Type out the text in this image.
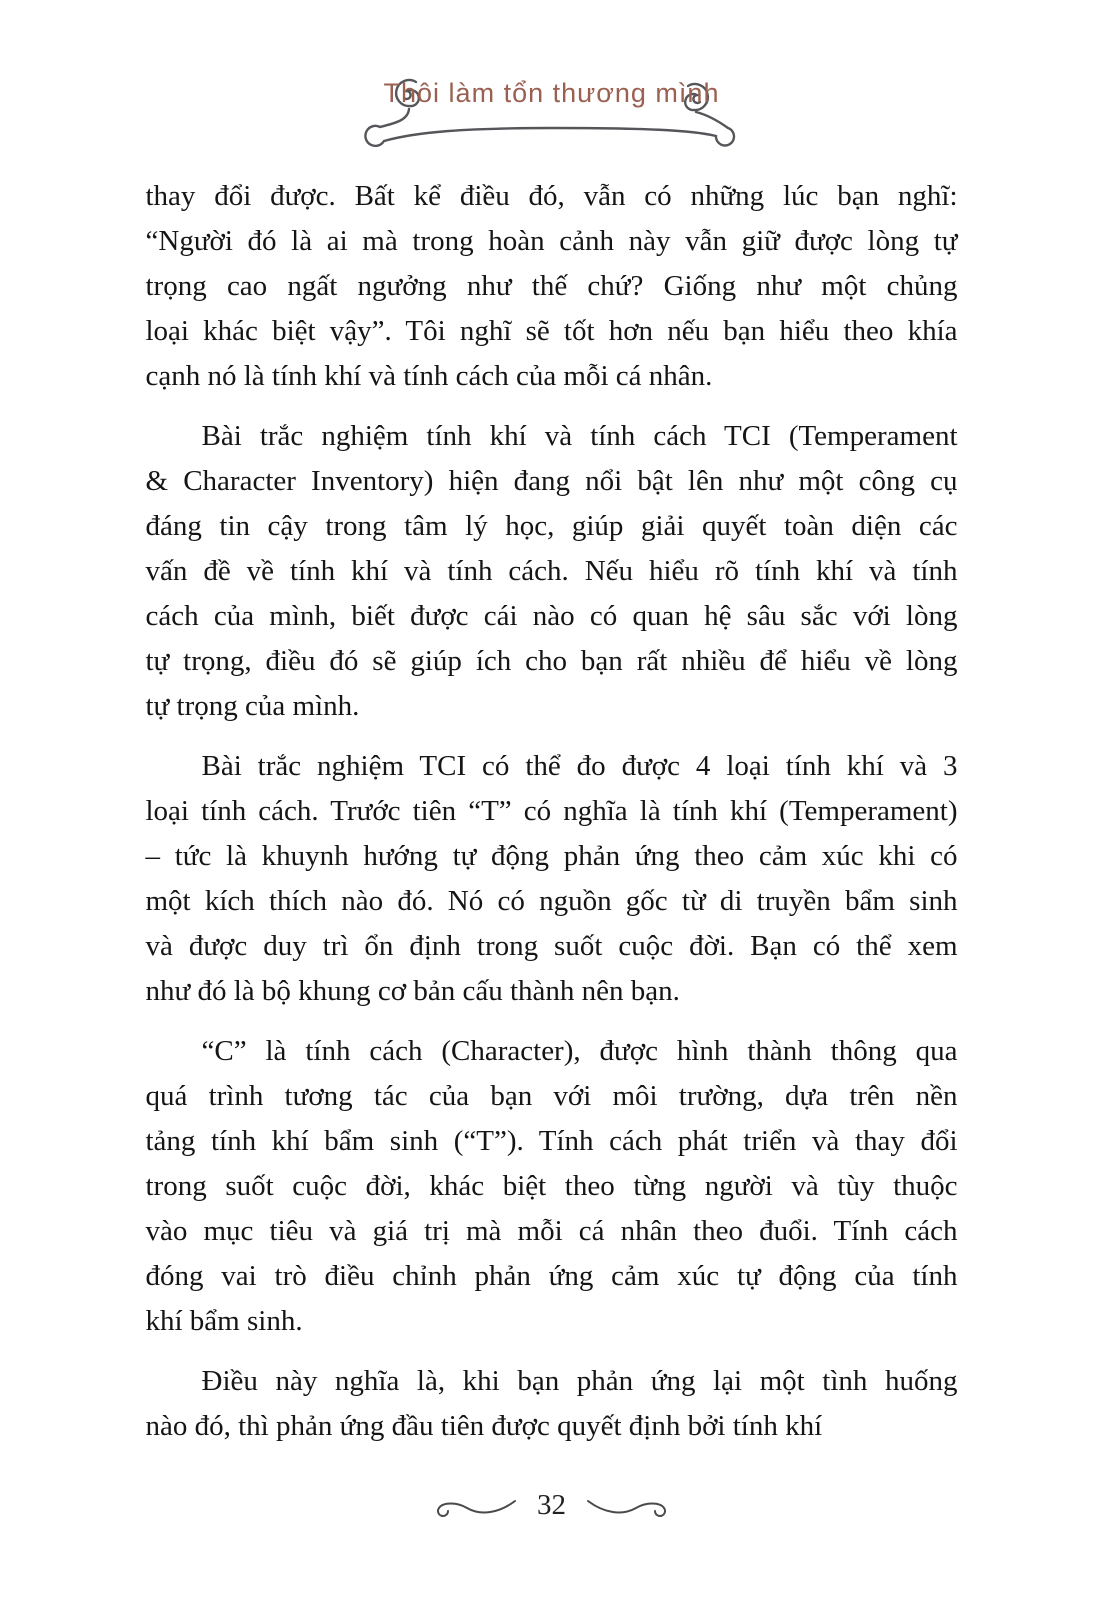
Thôi làm tổn thương mình
thay đổi được. Bất kể điều đó, vẫn có những lúc bạn nghĩ:
“Người đó là ai mà trong hoàn cảnh này vẫn giữ được lòng tự
trọng cao ngất ngưởng như thế chứ? Giống như một chủng
loại khác biệt vậy”. Tôi nghĩ sẽ tốt hơn nếu bạn hiểu theo khía
cạnh nó là tính khí và tính cách của mỗi cá nhân.
Bài trắc nghiệm tính khí và tính cách TCI (Temperament
& Character Inventory) hiện đang nổi bật lên như một công cụ
đáng tin cậy trong tâm lý học, giúp giải quyết toàn diện các
vấn đề về tính khí và tính cách. Nếu hiểu rõ tính khí và tính
cách của mình, biết được cái nào có quan hệ sâu sắc với lòng
tự trọng, điều đó sẽ giúp ích cho bạn rất nhiều để hiểu về lòng
tự trọng của mình.
Bài trắc nghiệm TCI có thể đo được 4 loại tính khí và 3
loại tính cách. Trước tiên “T” có nghĩa là tính khí (Temperament)
– tức là khuynh hướng tự động phản ứng theo cảm xúc khi có
một kích thích nào đó. Nó có nguồn gốc từ di truyền bẩm sinh
và được duy trì ổn định trong suốt cuộc đời. Bạn có thể xem
như đó là bộ khung cơ bản cấu thành nên bạn.
“C” là tính cách (Character), được hình thành thông qua
quá trình tương tác của bạn với môi trường, dựa trên nền
tảng tính khí bẩm sinh (“T”). Tính cách phát triển và thay đổi
trong suốt cuộc đời, khác biệt theo từng người và tùy thuộc
vào mục tiêu và giá trị mà mỗi cá nhân theo đuổi. Tính cách
đóng vai trò điều chỉnh phản ứng cảm xúc tự động của tính
khí bẩm sinh.
Điều này nghĩa là, khi bạn phản ứng lại một tình huống
nào đó, thì phản ứng đầu tiên được quyết định bởi tính khí
32
